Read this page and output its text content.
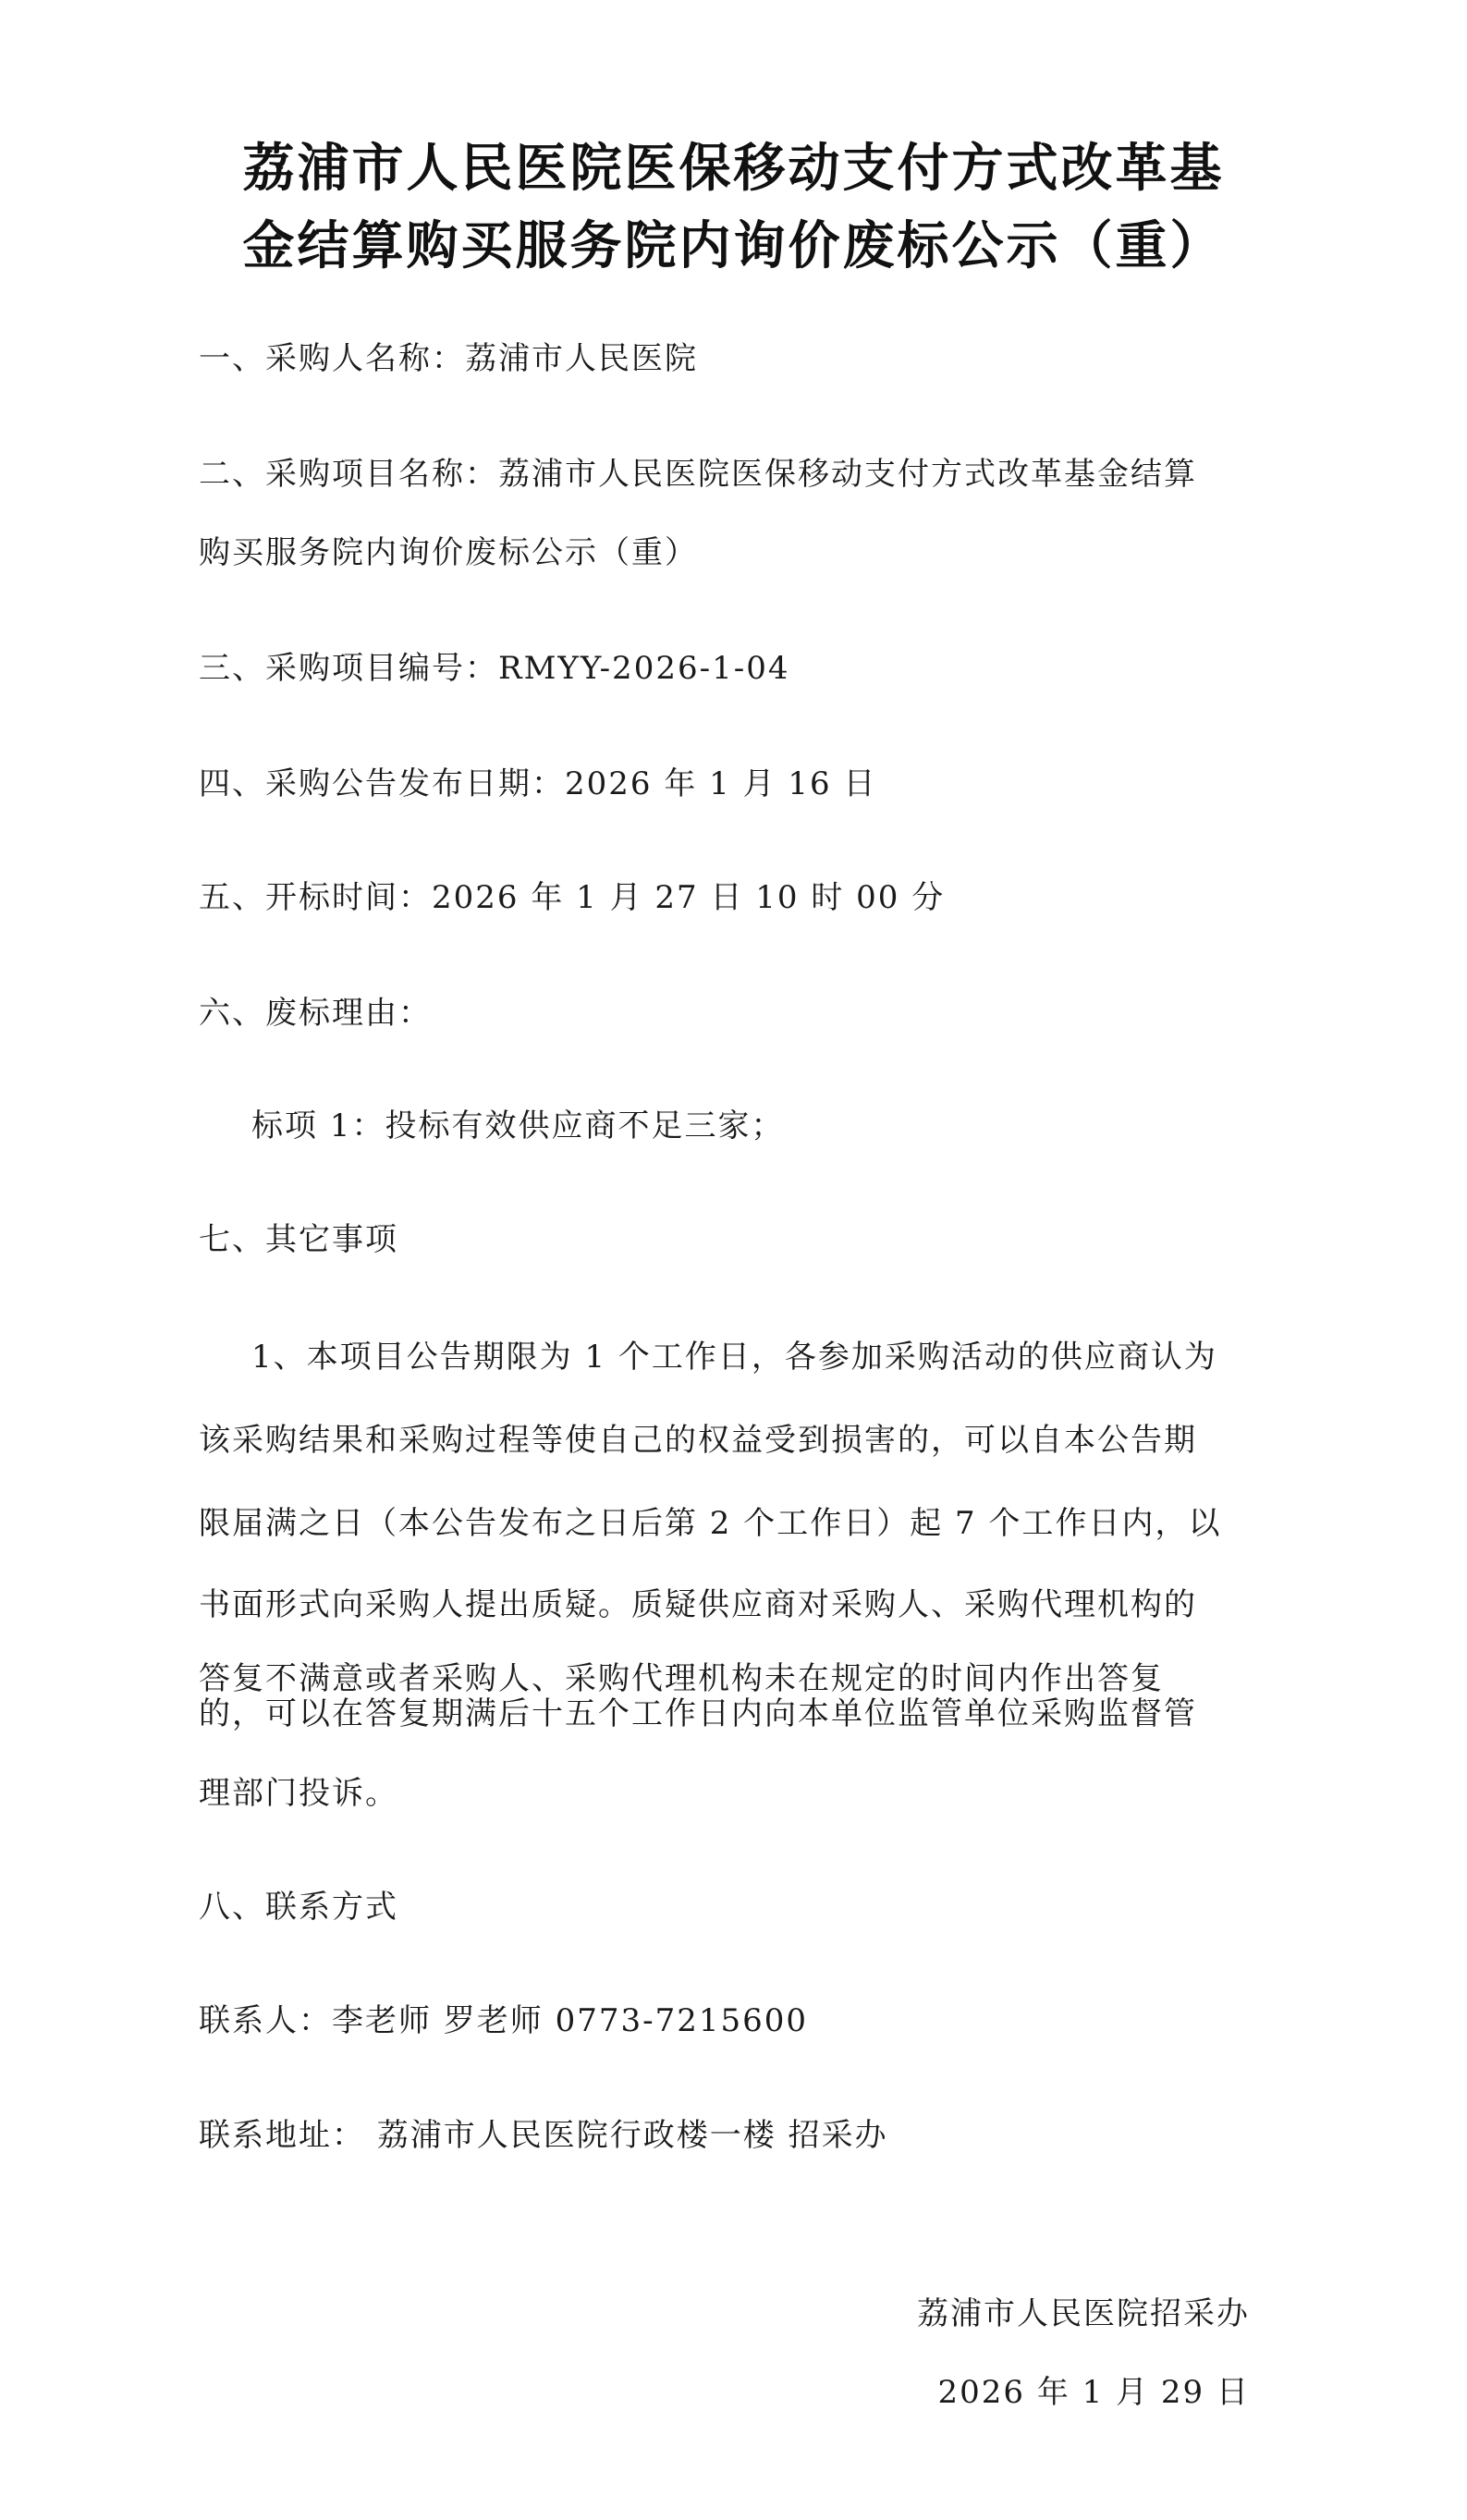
荔浦市人民医院医保移动支付方式改革基
金结算购买服务院内询价废标公示（重）
一、采购人名称：荔浦市人民医院
二、采购项目名称：荔浦市人民医院医保移动支付方式改革基金结算
购买服务院内询价废标公示（重）
三、采购项目编号：RMYY-2026-1-04
四、采购公告发布日期：2026 年 1 月 16 日
五、开标时间：2026 年 1 月 27 日 10 时 00 分
六、废标理由：
标项 1：投标有效供应商不足三家；
七、其它事项
1、本项目公告期限为 1 个工作日，各参加采购活动的供应商认为
该采购结果和采购过程等使自己的权益受到损害的，可以自本公告期
限届满之日（本公告发布之日后第 2 个工作日）起 7 个工作日内，以
书面形式向采购人提出质疑。质疑供应商对采购人、采购代理机构的
答复不满意或者采购人、采购代理机构未在规定的时间内作出答复
的，可以在答复期满后十五个工作日内向本单位监管单位采购监督管
理部门投诉。
八、联系方式
联系人：李老师 罗老师 0773-7215600
联系地址： 荔浦市人民医院行政楼一楼 招采办
荔浦市人民医院招采办
2026 年 1 月 29 日
